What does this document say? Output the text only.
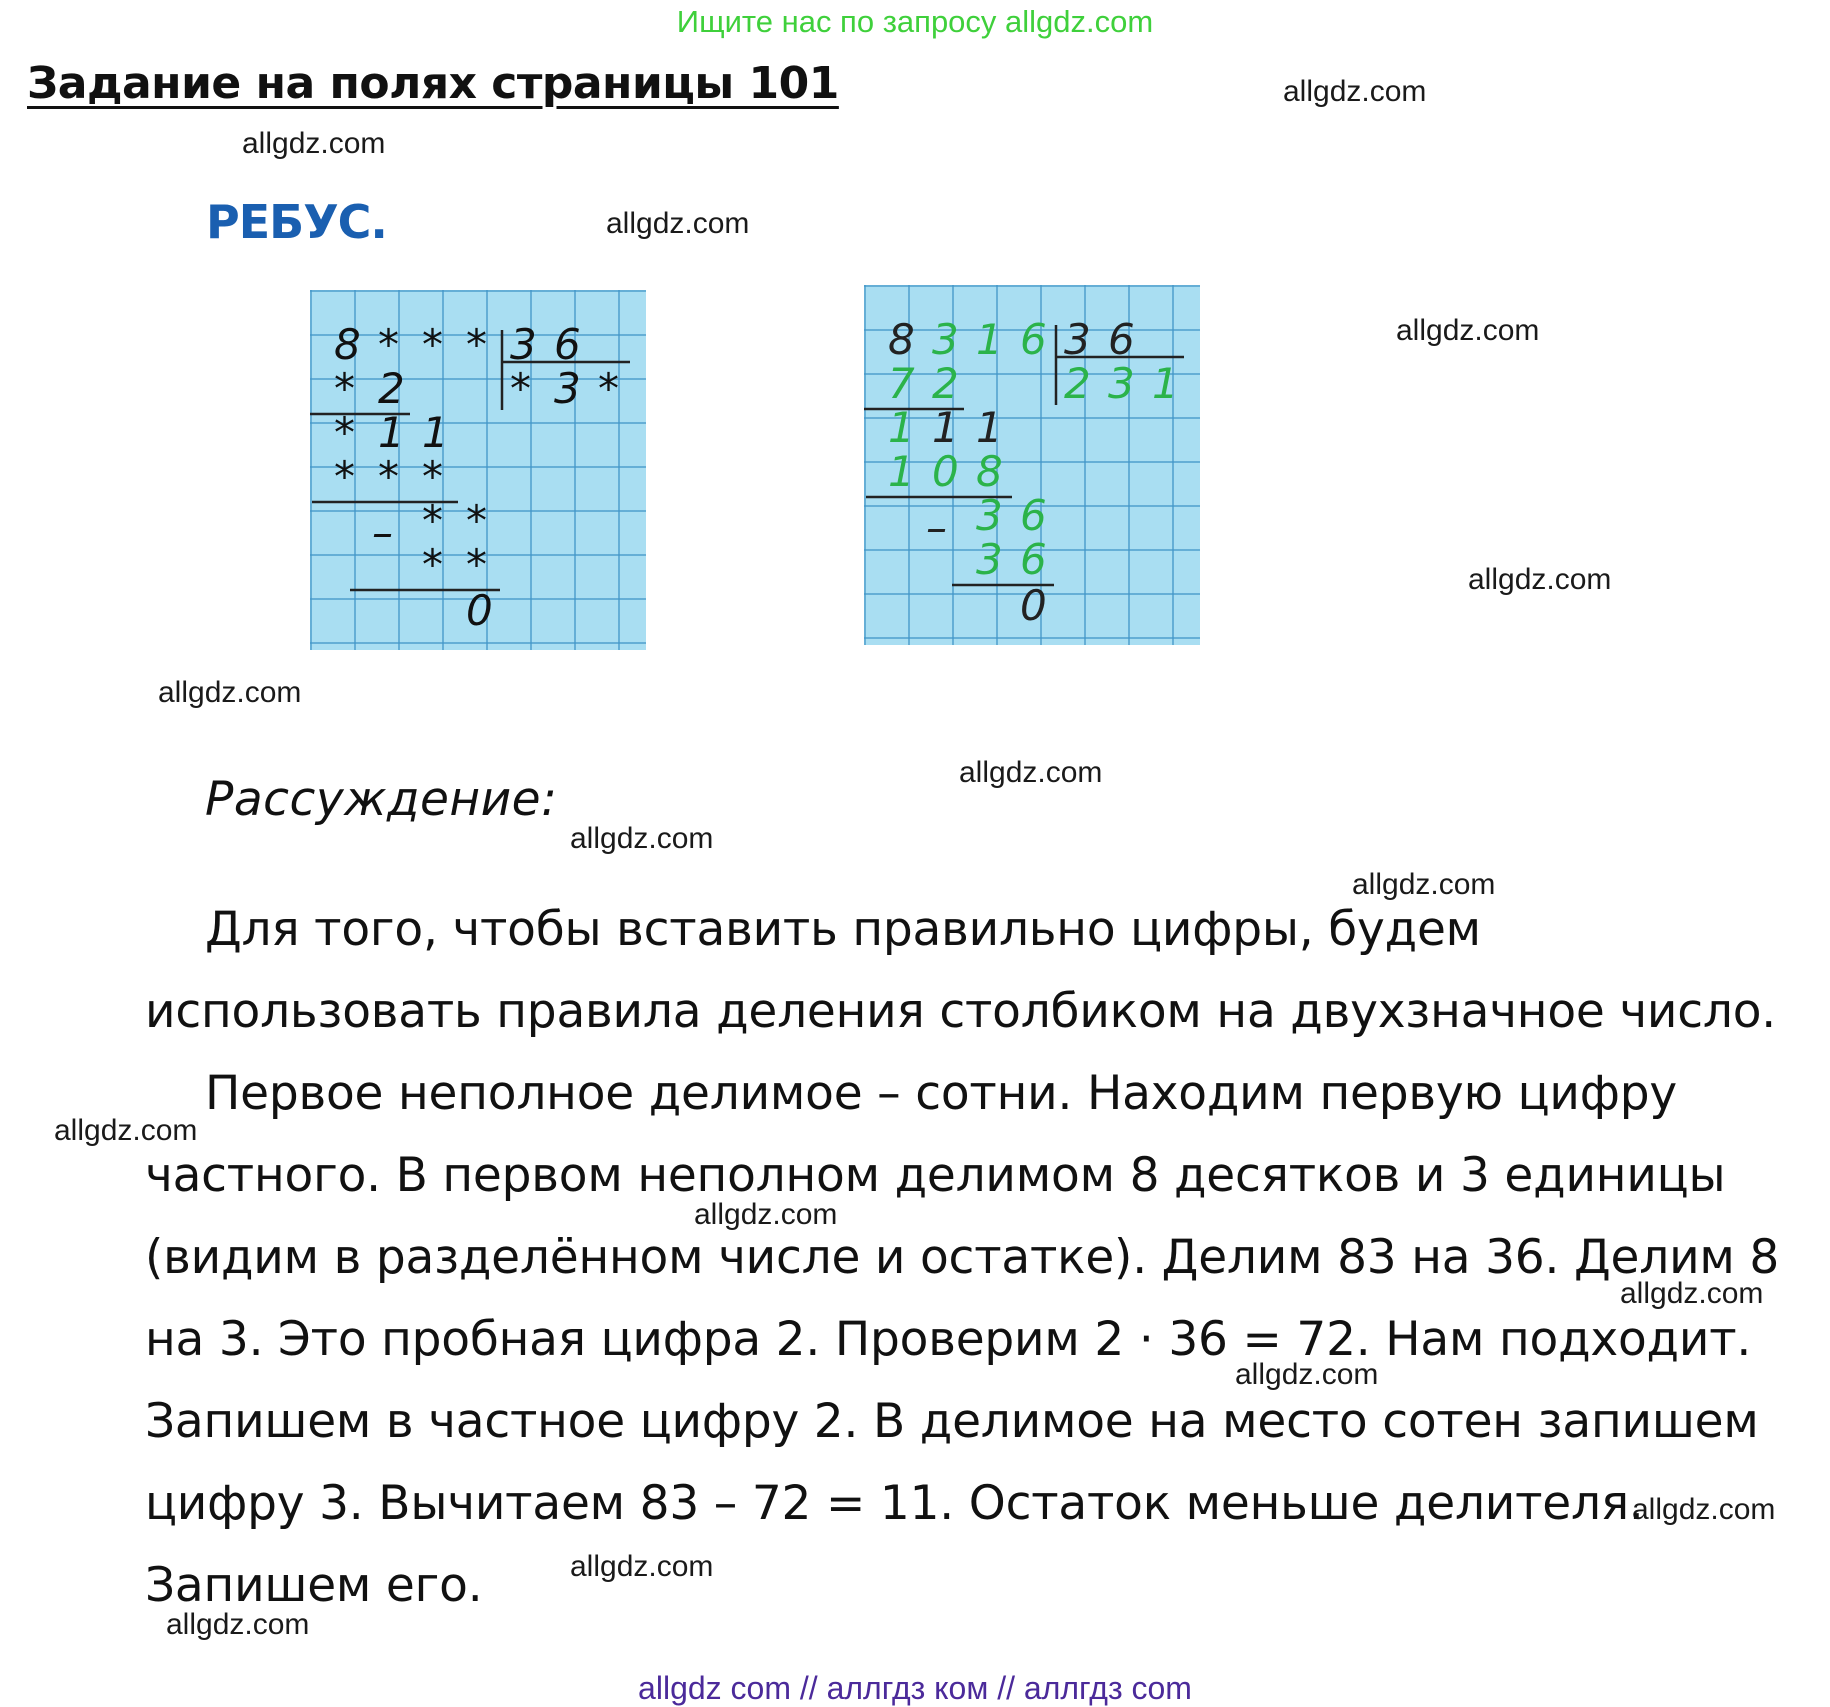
Ищите нас по запросу allgdz.com
Задание на полях страницы 101	allgdz.com
allgdz.com
allgdz.com
allgdz.com
allgdz.com
allgdz.com
allgdz.com
allgdz.com
allgdz.com
allgdz.com
allgdz.com
allgdz.com
allgdz.com
allgdz.com
allgdz.com
allgdz.com
РЕБУС.
8 * * * 3 6
* 3 *
* 2
* 1 1
* * *
* *
–
* *
0
8 3 1 6 3 6
2 3 1
7 2
1 1 1
1 0 8
3 6
–
3 6
0
Рассуждение:
Для того, чтобы вставить правильно цифры, будем
использовать правила деления столбиком на двухзначное число.
Первое неполное делимое – сотни. Находим первую цифру
частного. В первом неполном делимом 8 десятков и 3 единицы
(видим в разделённом числе и остатке). Делим 83 на 36. Делим 8
на 3. Это пробная цифра 2. Проверим 2 · 36 = 72. Нам подходит.
Запишем в частное цифру 2. В делимое на место сотен запишем
цифру 3. Вычитаем 83 – 72 = 11. Остаток меньше делителя.
Запишем его.
allgdz com // аллгдз ком // аллгдз com
